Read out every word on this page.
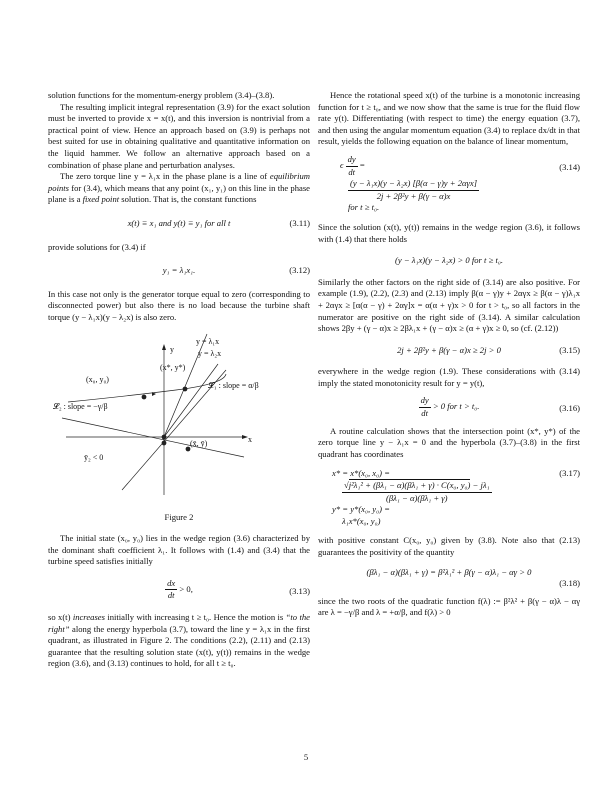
solution functions for the momentum-energy problem (3.4)–(3.8).

The resulting implicit integral representation (3.9) for the exact solution must be inverted to provide x = x(t), and this inversion is nontrivial from a practical point of view. Hence an approach based on (3.9) is perhaps not best suited for use in obtaining qualitative and quantitative information on the liquid hammer. We follow an alternative approach based on a combination of phase plane and perturbation analyses.

The zero torque line y = λ₁x in the phase plane is a line of equilibrium points for (3.4), which means that any point (x₁, y₁) on this line in the phase plane is a fixed point solution. That is, the constant functions

x(t) ≡ x₁ and y(t) ≡ y₁ for all t	(3.11)

provide solutions for (3.4) if

y₁ = λ₁x₁.	(3.12)

In this case not only is the generator torque equal to zero (corresponding to disconnected power) but also there is no load because the turbine shaft torque (y − λ₁x)(y − λ₂x) is also zero.

y
x
y = λ₁x
y = λ₂x
𝓛₁ : slope = α/β
𝓛₂ : slope = −γ/β
(x*, y*)
(x₀, y₀)
(x̄, ȳ)
ȳ₂ < 0
Figure 2

The initial state (x₀, y₀) lies in the wedge region (3.6) characterized by the dominant shaft coefficient λ₁. It follows with (1.4) and (3.4) that the turbine speed satisfies initially

$\frac{dx}{dt} > 0$,	(3.13)

so x(t) increases initially with increasing t ≥ t₀. Hence the motion is “to the right” along the energy hyperbola (3.7), toward the line y = λ₁x in the first quadrant, as illustrated in Figure 2. The conditions (2.2), (2.11) and (2.13) guarantee that the resulting solution state (x(t), y(t)) remains in the wedge region (3.6), and (3.13) continues to hold, for all t ≥ t₀.

Hence the rotational speed x(t) of the turbine is a monotonic increasing function for t ≥ t₀, and we now show that the same is true for the fluid flow rate y(t). Differentiating (with respect to time) the energy equation (3.7), and then using the angular momentum equation (3.4) to replace dx/dt in that result, yields the following equation on the balance of linear momentum,

ϵ $\frac{dy}{dt}$ =	(3.14)
$\frac{\text{(y − λ₁x)(y − λ₂x) [β(α − γ)y + 2αγx]}}{\text{2j + 2β²y + β(γ − α)x}}$
for t ≥ t₀.

Since the solution (x(t), y(t)) remains in the wedge region (3.6), it follows with (1.4) that there holds

(y − λ₁x)(y − λ₂x) > 0 for t ≥ t₀.

Similarly the other factors on the right side of (3.14) are also positive. For example (1.9), (2.2), (2.3) and (2.13) imply β(α − γ)y + 2αγx ≥ β(α − γ)λ₁x + 2αγx ≥ [α(α − γ) + 2αγ]x = α(α + γ)x > 0 for t > t₀, so all factors in the numerator are positive on the right side of (3.14). A similar calculation shows 2βy + (γ − α)x ≥ 2βλ₁x + (γ − α)x ≥ (α + γ)x ≥ 0, so (cf. (2.12))

2j + 2β²y + β(γ − α)x ≥ 2j > 0	(3.15)

everywhere in the wedge region (1.9). These considerations with (3.14) imply the stated monotonicity result for y = y(t),

$\frac{dy}{dt} > 0$ for t > t₀.	(3.16)

A routine calculation shows that the intersection point (x*, y*) of the zero torque line y − λ₁x = 0 and the hyperbola (3.7)–(3.8) in the first quadrant has coordinates

x* = x*(x₀, x₀) =	(3.17)
$\frac{\text{√j²λ₁² + (βλ₁ − α)(βλ₁ + γ) · C(x₀, y₀) − jλ₁}}{\text{(βλ₁ − α)(βλ₁ + γ)}}$
y* = y*(x₀, y₀) =
λ₁x*(x₀, y₀)

with positive constant C(x₀, y₀) given by (3.8). Note also that (2.13) guarantees the positivity of the quantity

(βλ₁ − α)(βλ₁ + γ) = β²λ₁² + β(γ − α)λ₁ − αγ > 0
(3.18)

since the two roots of the quadratic function f(λ) := β²λ² + β(γ − α)λ − αγ are λ = −γ/β and λ = +α/β, and f(λ) > 0

5
